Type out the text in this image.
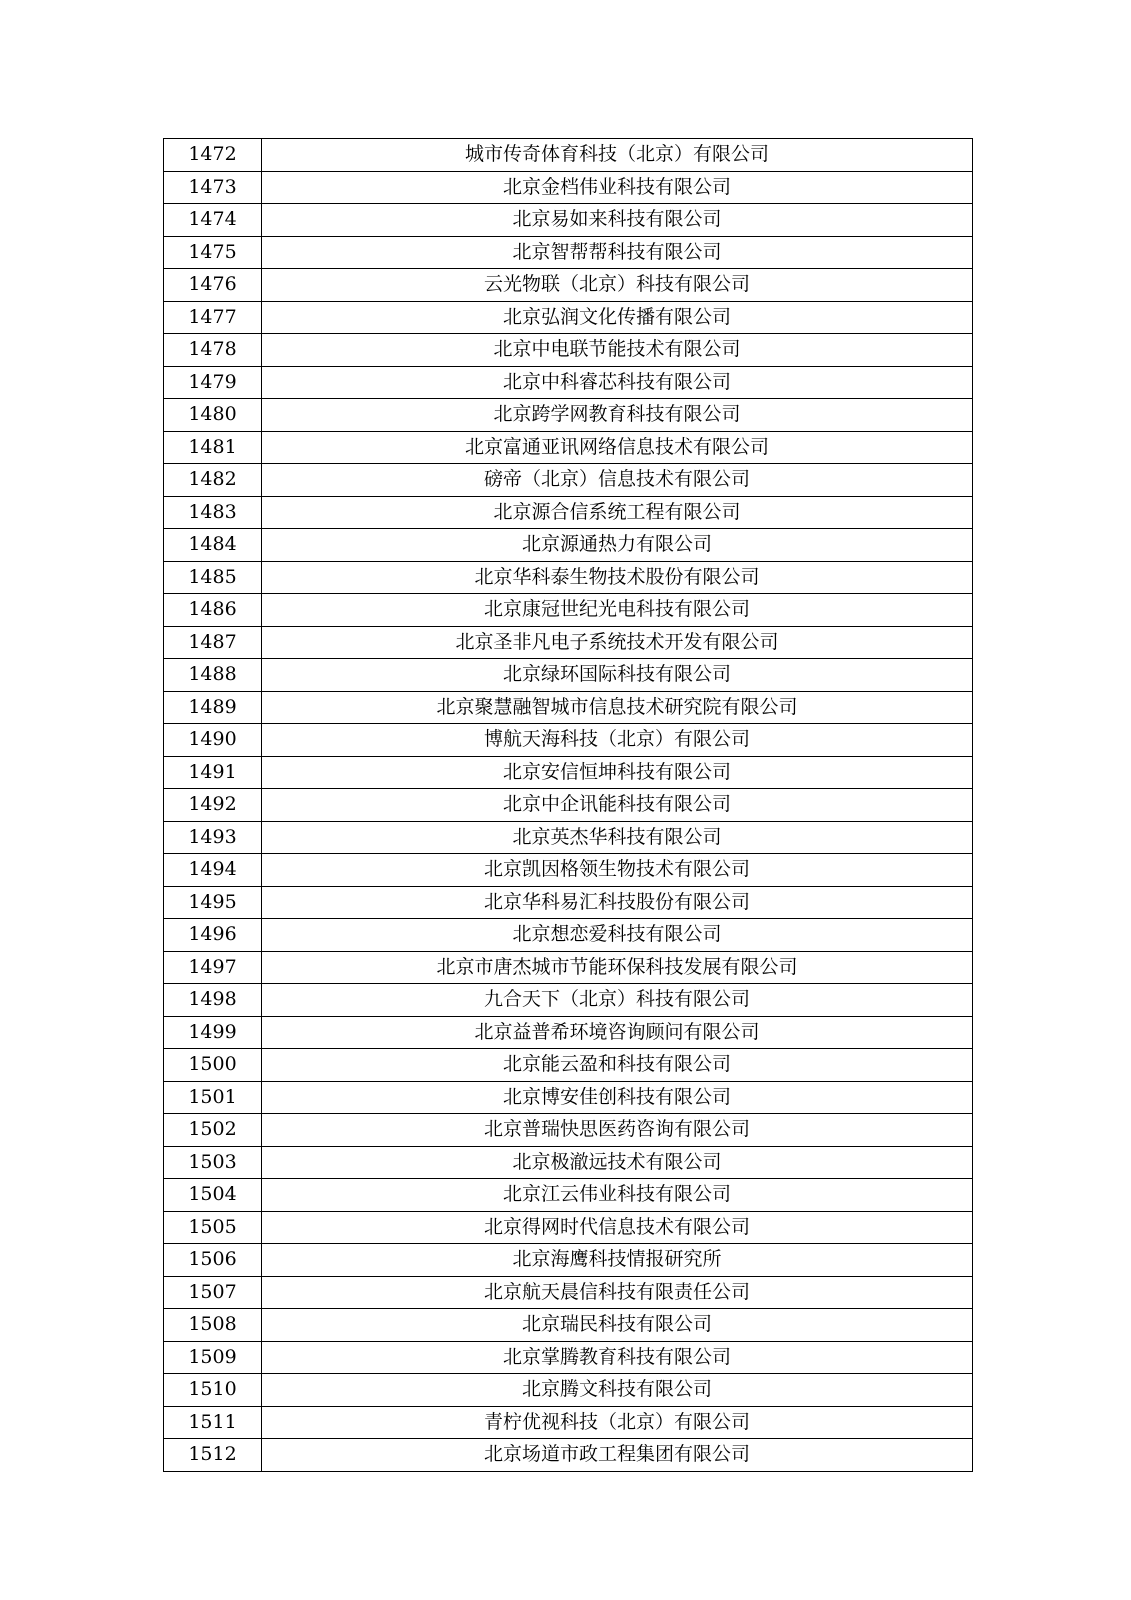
1472	城市传奇体育科技（北京）有限公司
1473	北京金档伟业科技有限公司
1474	北京易如来科技有限公司
1475	北京智帮帮科技有限公司
1476	云光物联（北京）科技有限公司
1477	北京弘润文化传播有限公司
1478	北京中电联节能技术有限公司
1479	北京中科睿芯科技有限公司
1480	北京跨学网教育科技有限公司
1481	北京富通亚讯网络信息技术有限公司
1482	磅帝（北京）信息技术有限公司
1483	北京源合信系统工程有限公司
1484	北京源通热力有限公司
1485	北京华科泰生物技术股份有限公司
1486	北京康冠世纪光电科技有限公司
1487	北京圣非凡电子系统技术开发有限公司
1488	北京绿环国际科技有限公司
1489	北京聚慧融智城市信息技术研究院有限公司
1490	博航天海科技（北京）有限公司
1491	北京安信恒坤科技有限公司
1492	北京中企讯能科技有限公司
1493	北京英杰华科技有限公司
1494	北京凯因格领生物技术有限公司
1495	北京华科易汇科技股份有限公司
1496	北京想恋爱科技有限公司
1497	北京市唐杰城市节能环保科技发展有限公司
1498	九合天下（北京）科技有限公司
1499	北京益普希环境咨询顾问有限公司
1500	北京能云盈和科技有限公司
1501	北京博安佳创科技有限公司
1502	北京普瑞快思医药咨询有限公司
1503	北京极澈远技术有限公司
1504	北京江云伟业科技有限公司
1505	北京得网时代信息技术有限公司
1506	北京海鹰科技情报研究所
1507	北京航天晨信科技有限责任公司
1508	北京瑞民科技有限公司
1509	北京掌腾教育科技有限公司
1510	北京腾文科技有限公司
1511	青柠优视科技（北京）有限公司
1512	北京场道市政工程集团有限公司
